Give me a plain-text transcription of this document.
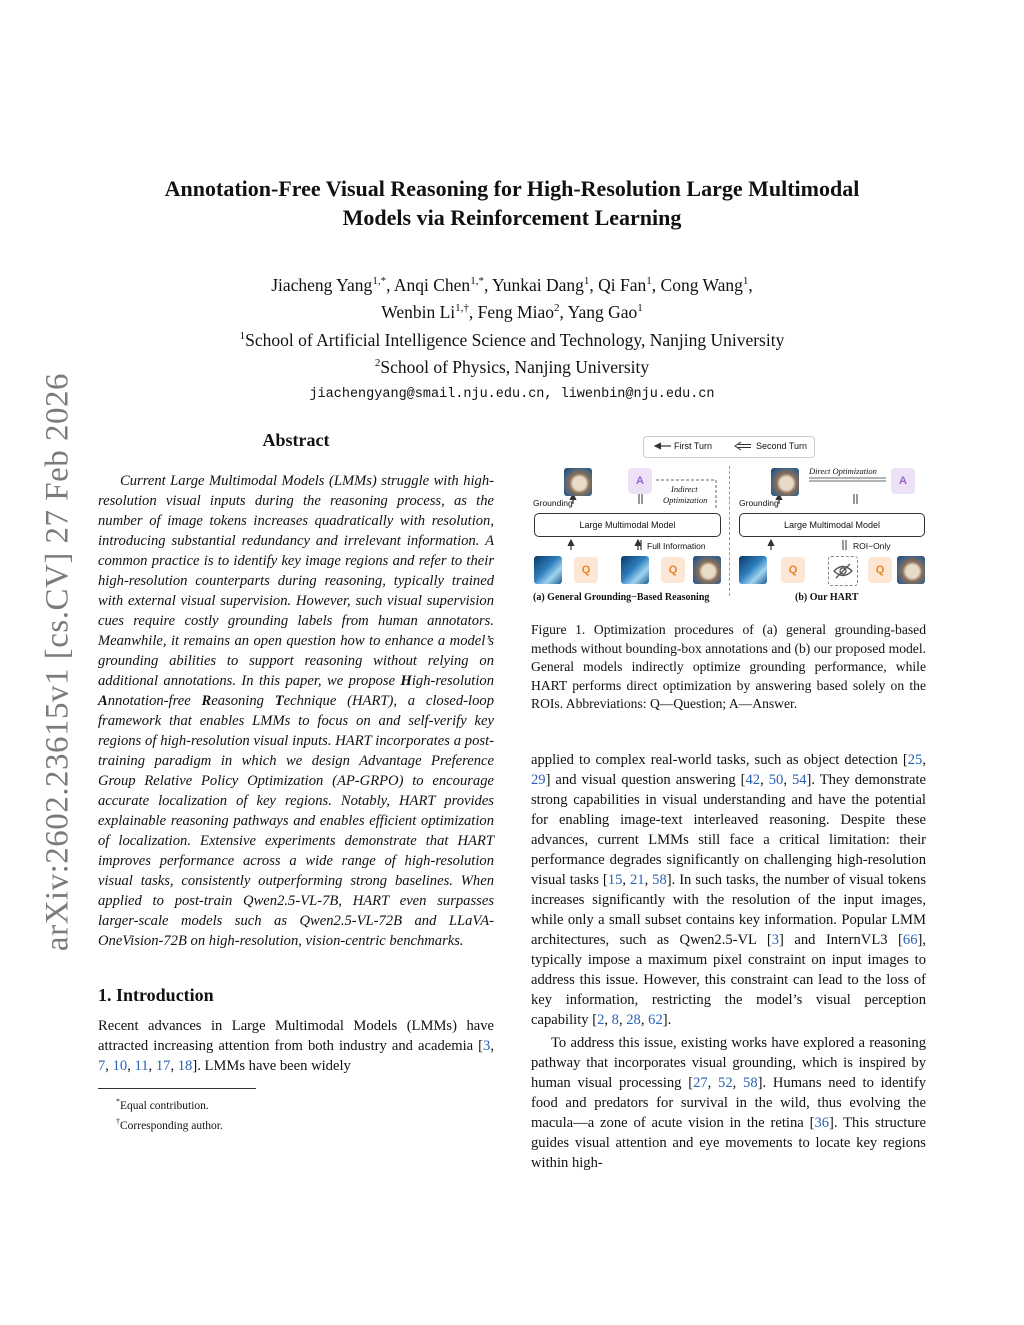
arXiv:2602.23615v1 [cs.CV] 27 Feb 2026
Annotation-Free Visual Reasoning for High-Resolution Large Multimodal
Models via Reinforcement Learning
Jiacheng Yang$^{1,*}$, Anqi Chen$^{1,*}$, Yunkai Dang$^1$, Qi Fan$^1$, Cong Wang$^1$,
Wenbin $Li^{1,\dagger}$, Feng Miao$^2$, Yang Gao$^1$
$^1$School of Artificial Intelligence Science and Technology, Nanjing University
$^2$School of Physics, Nanjing University
jiachengyang@smail.nju.edu.cn, liwenbin@nju.edu.cn
Abstract

Current Large Multimodal Models (LMMs) struggle with high-resolution visual inputs during the reasoning process, as the number of image tokens increases quadratically with resolution, introducing substantial redundancy and irrelevant information. A common practice is to identify key image regions and refer to their high-resolution counterparts during reasoning, typically trained with external visual supervision. However, such visual supervision cues require costly grounding labels from human annotators. Meanwhile, it remains an open question how to enhance a model’s grounding abilities to support reasoning without relying on additional annotations. In this paper, we propose High-resolution Annotation-free Reasoning Technique (HART), a closed-loop framework that enables LMMs to focus on and self-verify key regions of high-resolution visual inputs. HART incorporates a post-training paradigm in which we design Advantage Preference Group Relative Policy Optimization (AP-GRPO) to encourage accurate localization of key regions. Notably, HART provides explainable reasoning pathways and enables efficient optimization of localization. Extensive experiments demonstrate that HART improves performance across a wide range of high-resolution visual tasks, consistently outperforming strong baselines. When applied to post-train Qwen2.5-VL-7B, HART even surpasses larger-scale models such as Qwen2.5-VL-72B and LLaVA-OneVision-72B on high-resolution, vision-centric benchmarks.

1. Introduction

Recent advances in Large Multimodal Models (LMMs) have attracted increasing attention from both industry and academia [3, 7, 10, 11, 17, 18]. LMMs have been widely

*Equal contribution.
†Corresponding author.
First Turn	Second Turn
A
Grounding
Indirect
Optimization
Large Multimodal Model
Full Information
Q	Q
(a) General Grounding−Based Reasoning
Direct Optimization
A
Grounding
Large Multimodal Model
ROI−Only
Q	Q
(b) Our HART
Figure 1. Optimization procedures of (a) general grounding-based methods without bounding-box annotations and (b) our proposed model. General models indirectly optimize grounding performance, while HART performs direct optimization by answering based solely on the ROIs. Abbreviations: Q—Question; A—Answer.

applied to complex real-world tasks, such as object detection [25, 29] and visual question answering [42, 50, 54]. They demonstrate strong capabilities in visual understanding and have the potential for enabling image-text interleaved reasoning. Despite these advances, current LMMs still face a critical limitation: their performance degrades significantly on challenging high-resolution visual tasks [15, 21, 58]. In such tasks, the number of visual tokens increases significantly with the resolution of the input images, while only a small subset contains key information. Popular LMM architectures, such as Qwen2.5-VL [3] and InternVL3 [66], typically impose a maximum pixel constraint on input images to address this issue. However, this constraint can lead to the loss of key information, restricting the model’s visual perception capability [2, 8, 28, 62].

To address this issue, existing works have explored a reasoning pathway that incorporates visual grounding, which is inspired by human visual processing [27, 52, 58]. Humans need to identify food and predators for survival in the wild, thus evolving the macula—a zone of acute vision in the retina [36]. This structure guides visual attention and eye movements to locate key regions within high-
